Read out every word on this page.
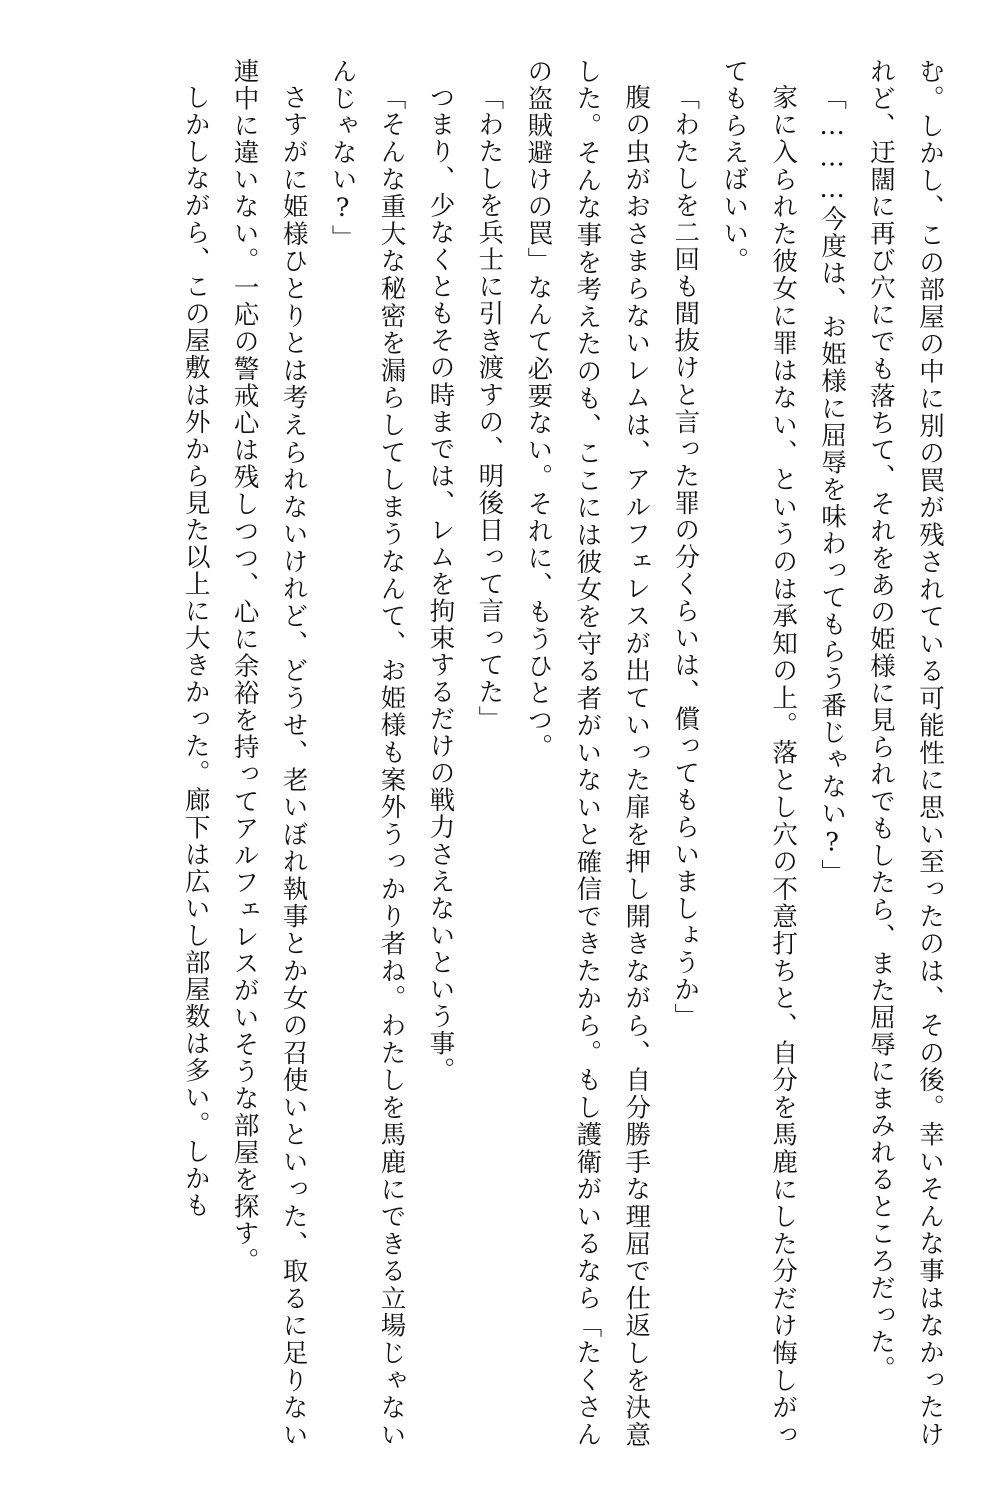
む。しかし、この部屋の中に別の罠が残されている可能性に思い至ったのは、その後。幸いそんな事はなかったけれど、迂闊に再び穴にでも落ちて、それをあの姫様に見られでもしたら、また屈辱にまみれるところだった。

「………今度は、お姫様に屈辱を味わってもらう番じゃない?」

家に入られた彼女に罪はない、というのは承知の上。落とし穴の不意打ちと、自分を馬鹿にした分だけ悔しがってもらえばいい。

「わたしを二回も間抜けと言った罪の分くらいは、償ってもらいましょうか」

腹の虫がおさまらないレムは、アルフェレスが出ていった扉を押し開きながら、自分勝手な理屈で仕返しを決意した。そんな事を考えたのも、ここには彼女を守る者がいないと確信できたから。もし護衛がいるなら「たくさんの盗賊避けの罠」なんて必要ない。それに、もうひとつ。

「わたしを兵士に引き渡すの、明後日って言ってた」

つまり、少なくともその時までは、レムを拘束するだけの戦力さえないという事。

「そんな重大な秘密を漏らしてしまうなんて、お姫様も案外うっかり者ね。わたしを馬鹿にできる立場じゃないんじゃない?」

さすがに姫様ひとりとは考えられないけれど、どうせ、老いぼれ執事とか女の召使いといった、取るに足りない連中に違いない。一応の警戒心は残しつつ、心に余裕を持ってアルフェレスがいそうな部屋を探す。

しかしながら、この屋敷は外から見た以上に大きかった。廊下は広いし部屋数は多い。しかも
